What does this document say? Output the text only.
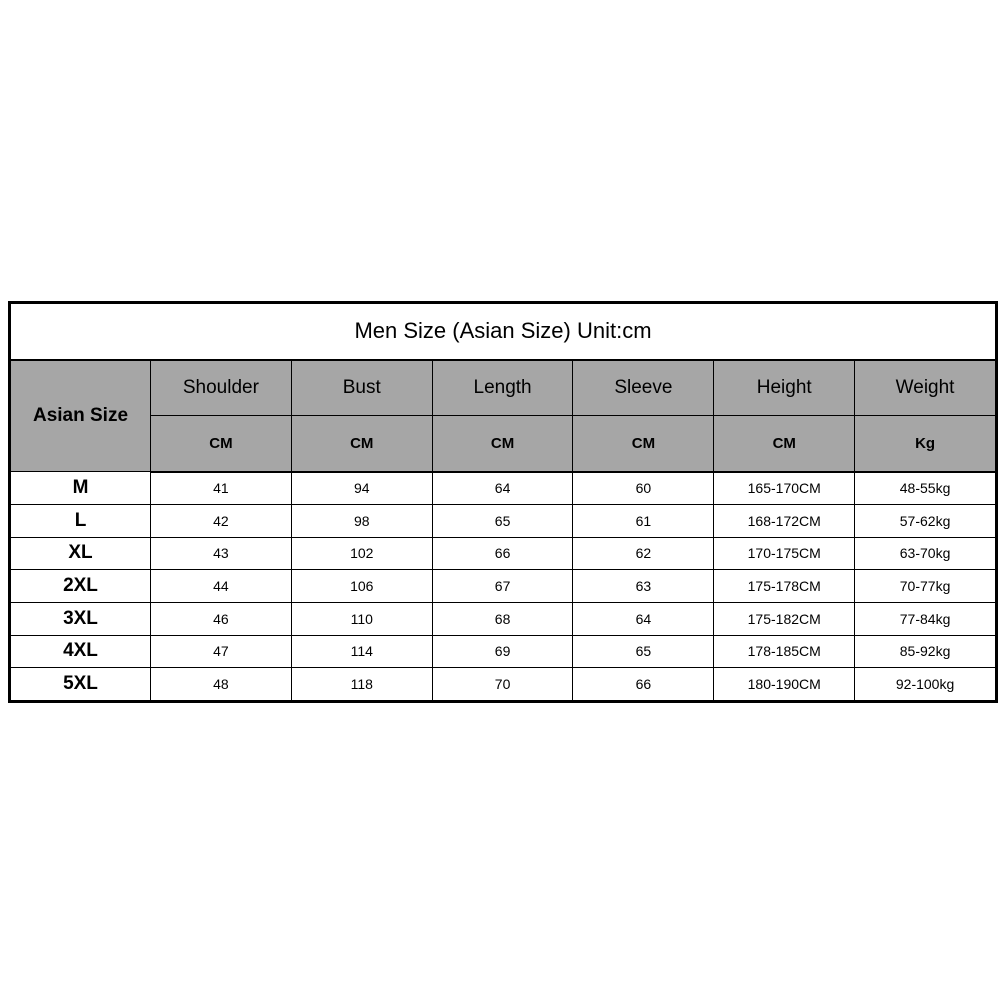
Men Size (Asian Size) Unit:cm						
Asian Size	Shoulder	Bust	Length	Sleeve	Height	Weight
	CM	CM	CM	CM	CM	Kg
M	41	94	64	60	165-170CM	48-55kg
L	42	98	65	61	168-172CM	57-62kg
XL	43	102	66	62	170-175CM	63-70kg
2XL	44	106	67	63	175-178CM	70-77kg
3XL	46	110	68	64	175-182CM	77-84kg
4XL	47	114	69	65	178-185CM	85-92kg
5XL	48	118	70	66	180-190CM	92-100kg
